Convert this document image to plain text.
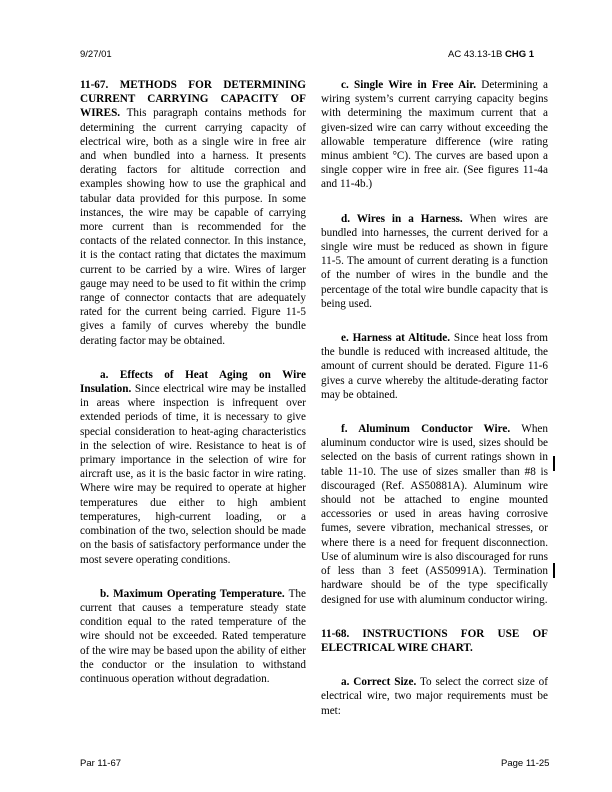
9/27/01	AC 43.13-1B CHG 1

11-67. METHODS FOR DETERMINING CURRENT CARRYING CAPACITY OF WIRES. This paragraph contains methods for determining the current carrying capacity of electrical wire, both as a single wire in free air and when bundled into a harness. It presents derating factors for altitude correction and examples showing how to use the graphical and tabular data provided for this purpose. In some instances, the wire may be capable of carrying more current than is recommended for the contacts of the related connector. In this instance, it is the contact rating that dictates the maximum current to be carried by a wire. Wires of larger gauge may need to be used to fit within the crimp range of connector contacts that are adequately rated for the current being carried. Figure 11-5 gives a family of curves whereby the bundle derating factor may be obtained.

a. Effects of Heat Aging on Wire Insulation. Since electrical wire may be installed in areas where inspection is infrequent over extended periods of time, it is necessary to give special consideration to heat-aging characteristics in the selection of wire. Resistance to heat is of primary importance in the selection of wire for aircraft use, as it is the basic factor in wire rating. Where wire may be required to operate at higher temperatures due either to high ambient temperatures, high-current loading, or a combination of the two, selection should be made on the basis of satisfactory performance under the most severe operating conditions.

b. Maximum Operating Temperature. The current that causes a temperature steady state condition equal to the rated temperature of the wire should not be exceeded. Rated temperature of the wire may be based upon the ability of either the conductor or the insulation to withstand continuous operation without degradation.

c. Single Wire in Free Air. Determining a wiring system’s current carrying capacity begins with determining the maximum current that a given-sized wire can carry without exceeding the allowable temperature difference (wire rating minus ambient °C). The curves are based upon a single copper wire in free air. (See figures 11-4a and 11-4b.)

d. Wires in a Harness. When wires are bundled into harnesses, the current derived for a single wire must be reduced as shown in figure 11-5. The amount of current derating is a function of the number of wires in the bundle and the percentage of the total wire bundle capacity that is being used.

e. Harness at Altitude. Since heat loss from the bundle is reduced with increased altitude, the amount of current should be derated. Figure 11-6 gives a curve whereby the altitude-derating factor may be obtained.

f. Aluminum Conductor Wire. When aluminum conductor wire is used, sizes should be selected on the basis of current ratings shown in table 11-10. The use of sizes smaller than #8 is discouraged (Ref. AS50881A). Aluminum wire should not be attached to engine mounted accessories or used in areas having corrosive fumes, severe vibration, mechanical stresses, or where there is a need for frequent disconnection. Use of aluminum wire is also discouraged for runs of less than 3 feet (AS50991A). Termination hardware should be of the type specifically designed for use with aluminum conductor wiring.

11-68. INSTRUCTIONS FOR USE OF ELECTRICAL WIRE CHART.

a. Correct Size. To select the correct size of electrical wire, two major requirements must be met:

Par 11-67	Page 11-25
